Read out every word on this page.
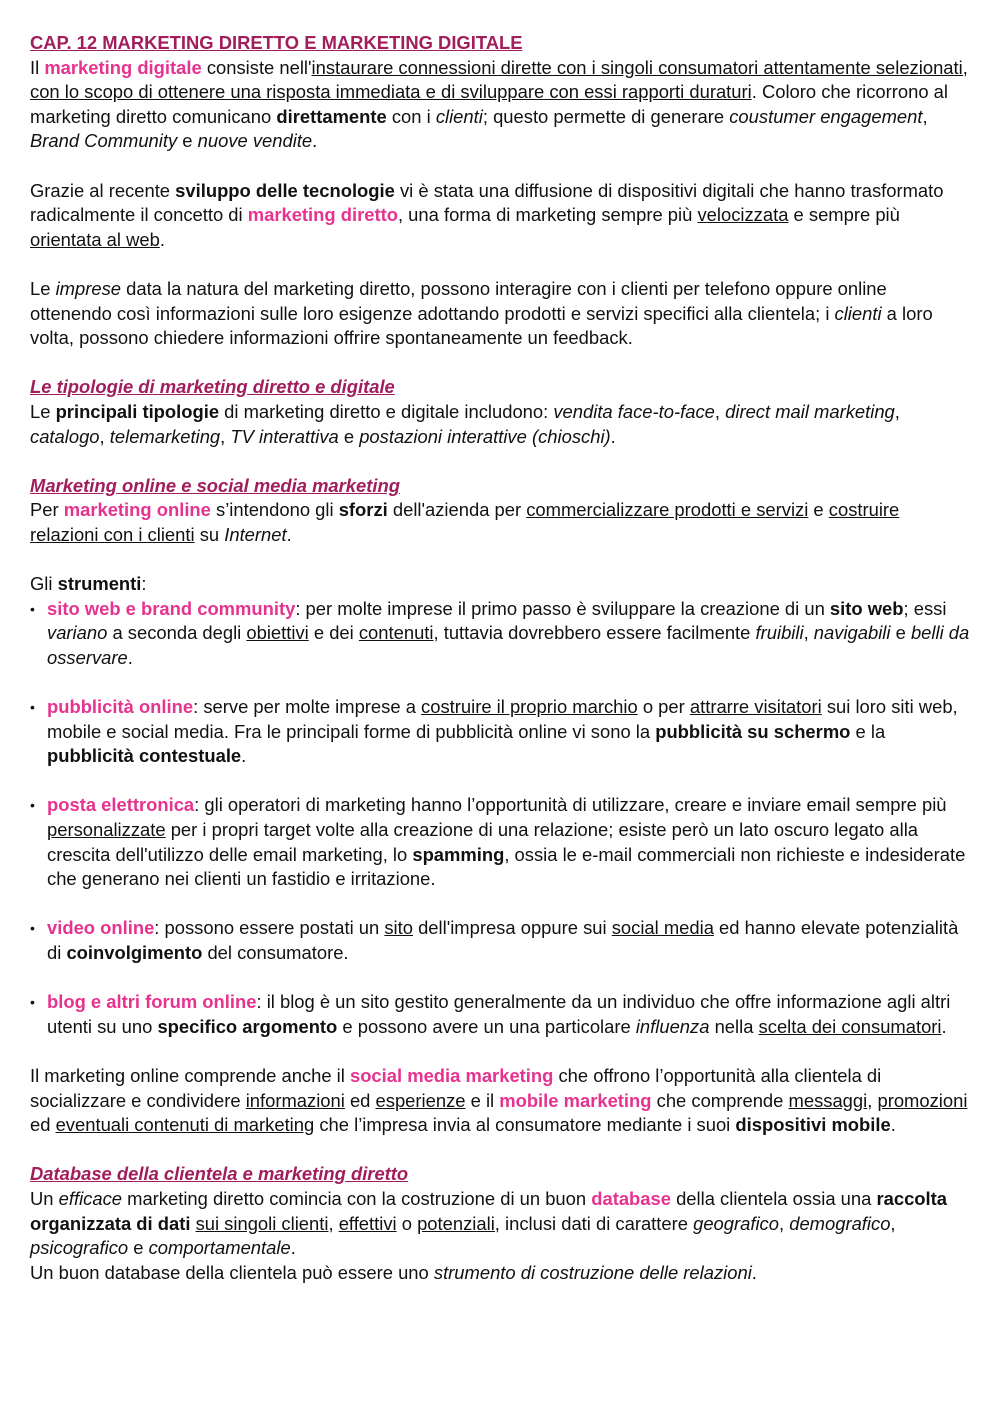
CAP. 12 MARKETING DIRETTO E MARKETING DIGITALE

Il marketing digitale consiste nell'instaurare connessioni dirette con i singoli consumatori attentamente selezionati, con lo scopo di ottenere una risposta immediata e di sviluppare con essi rapporti duraturi. Coloro che ricorrono al marketing diretto comunicano direttamente con i clienti; questo permette di generare coustumer engagement, Brand Community e nuove vendite.

Grazie al recente sviluppo delle tecnologie vi è stata una diffusione di dispositivi digitali che hanno trasformato radicalmente il concetto di marketing diretto, una forma di marketing sempre più velocizzata e sempre più orientata al web.

Le imprese data la natura del marketing diretto, possono interagire con i clienti per telefono oppure online ottenendo così informazioni sulle loro esigenze adottando prodotti e servizi specifici alla clientela; i clienti a loro volta, possono chiedere informazioni offrire spontaneamente un feedback.

Le tipologie di marketing diretto e digitale

Le principali tipologie di marketing diretto e digitale includono: vendita face-to-face, direct mail marketing, catalogo, telemarketing, TV interattiva e postazioni interattive (chioschi).

Marketing online e social media marketing

Per marketing online s’intendono gli sforzi dell'azienda per commercializzare prodotti e servizi e costruire relazioni con i clienti su Internet.

Gli strumenti:

• sito web e brand community: per molte imprese il primo passo è sviluppare la creazione di un sito web; essi variano a seconda degli obiettivi e dei contenuti, tuttavia dovrebbero essere facilmente fruibili, navigabili e belli da osservare.
• pubblicità online: serve per molte imprese a costruire il proprio marchio o per attrarre visitatori sui loro siti web, mobile e social media. Fra le principali forme di pubblicità online vi sono la pubblicità su schermo e la pubblicità contestuale.
• posta elettronica: gli operatori di marketing hanno l’opportunità di utilizzare, creare e inviare email sempre più personalizzate per i propri target volte alla creazione di una relazione; esiste però un lato oscuro legato alla crescita dell'utilizzo delle email marketing, lo spamming, ossia le e-mail commerciali non richieste e indesiderate che generano nei clienti un fastidio e irritazione.
• video online: possono essere postati un sito dell'impresa oppure sui social media ed hanno elevate potenzialità di coinvolgimento del consumatore.
• blog e altri forum online: il blog è un sito gestito generalmente da un individuo che offre informazione agli altri utenti su uno specifico argomento e possono avere un una particolare influenza nella scelta dei consumatori.

Il marketing online comprende anche il social media marketing che offrono l’opportunità alla clientela di socializzare e condividere informazioni ed esperienze e il mobile marketing che comprende messaggi, promozioni ed eventuali contenuti di marketing che l’impresa invia al consumatore mediante i suoi dispositivi mobile.

Database della clientela e marketing diretto

Un efficace marketing diretto comincia con la costruzione di un buon database della clientela ossia una raccolta organizzata di dati sui singoli clienti, effettivi o potenziali, inclusi dati di carattere geografico, demografico, psicografico e comportamentale.

Un buon database della clientela può essere uno strumento di costruzione delle relazioni.
